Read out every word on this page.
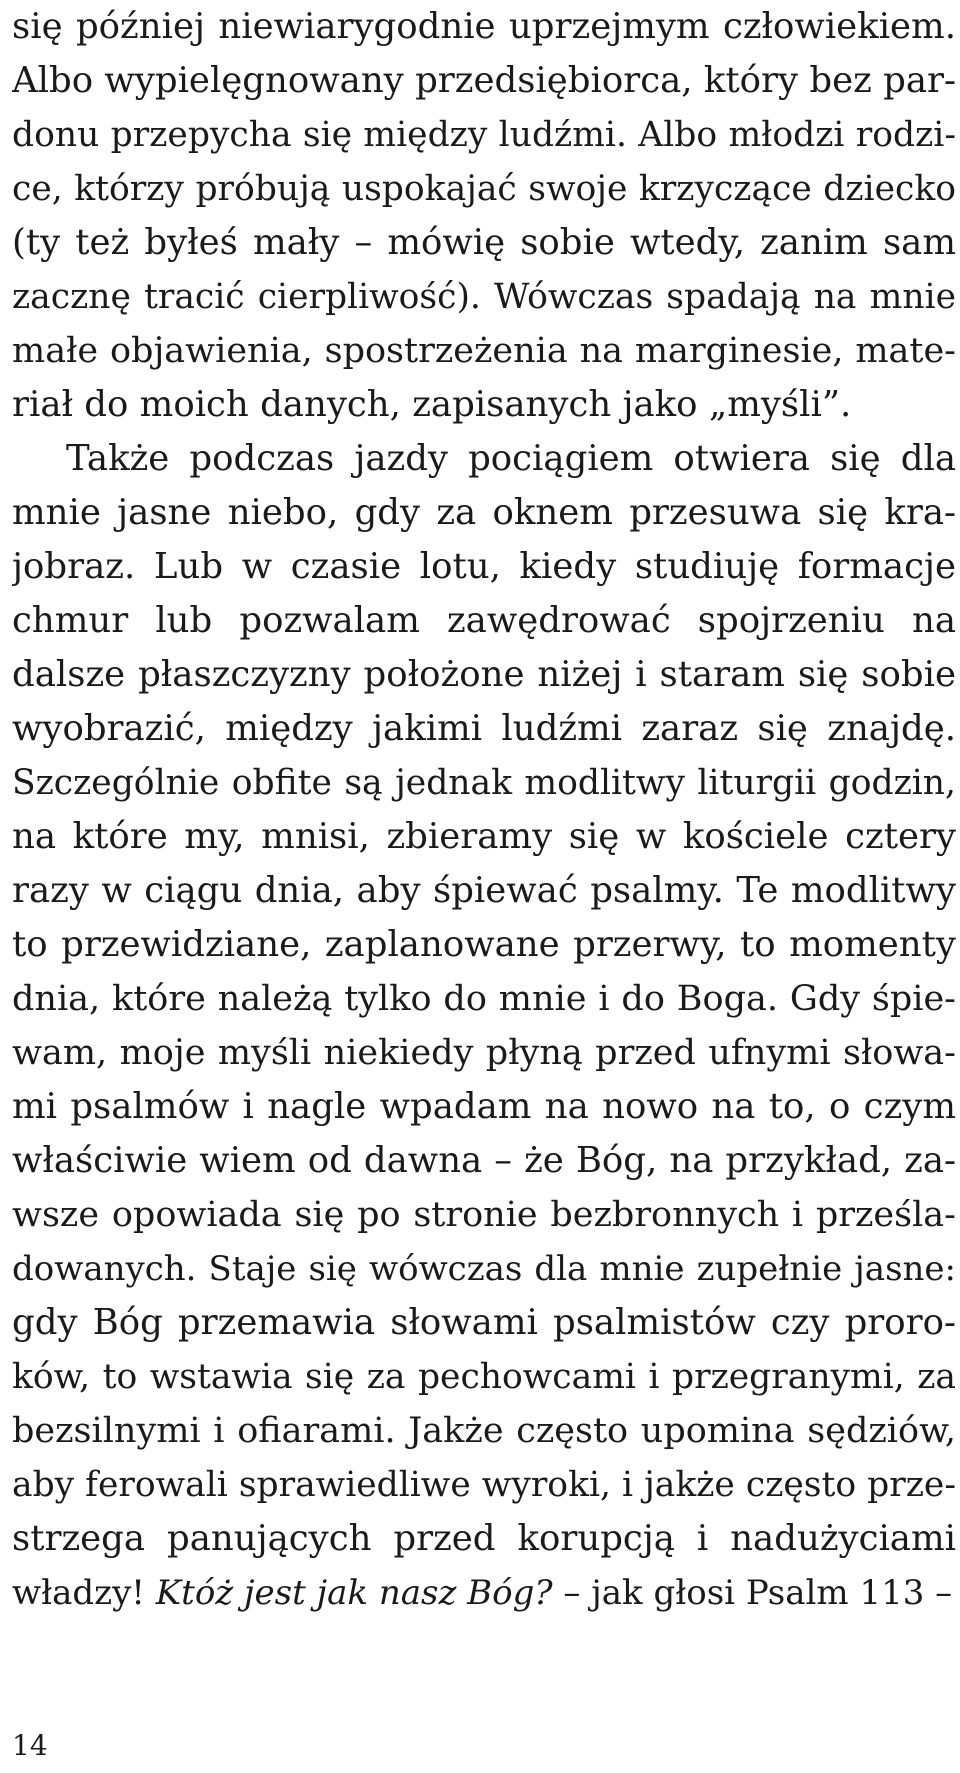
się później niewiarygodnie uprzejmym człowiekiem.
Albo wypielęgnowany przedsiębiorca, który bez par-
donu przepycha się między ludźmi. Albo młodzi rodzi-
ce, którzy próbują uspokajać swoje krzyczące dziecko
(ty też byłeś mały – mówię sobie wtedy, zanim sam
zacznę tracić cierpliwość). Wówczas spadają na mnie
małe objawienia, spostrzeżenia na marginesie, mate-
riał do moich danych, zapisanych jako „myśli”.
Także podczas jazdy pociągiem otwiera się dla
mnie jasne niebo, gdy za oknem przesuwa się kra-
jobraz. Lub w czasie lotu, kiedy studiuję formacje
chmur lub pozwalam zawędrować spojrzeniu na
dalsze płaszczyzny położone niżej i staram się sobie
wyobrazić, między jakimi ludźmi zaraz się znajdę.
Szczególnie obfite są jednak modlitwy liturgii godzin,
na które my, mnisi, zbieramy się w kościele cztery
razy w ciągu dnia, aby śpiewać psalmy. Te modlitwy
to przewidziane, zaplanowane przerwy, to momenty
dnia, które należą tylko do mnie i do Boga. Gdy śpie-
wam, moje myśli niekiedy płyną przed ufnymi słowa-
mi psalmów i nagle wpadam na nowo na to, o czym
właściwie wiem od dawna – że Bóg, na przykład, za-
wsze opowiada się po stronie bezbronnych i prześla-
dowanych. Staje się wówczas dla mnie zupełnie jasne:
gdy Bóg przemawia słowami psalmistów czy proro-
ków, to wstawia się za pechowcami i przegranymi, za
bezsilnymi i ofiarami. Jakże często upomina sędziów,
aby ferowali sprawiedliwe wyroki, i jakże często prze-
strzega panujących przed korupcją i nadużyciami
władzy! Któż jest jak nasz Bóg? – jak głosi Psalm 113 –
14
